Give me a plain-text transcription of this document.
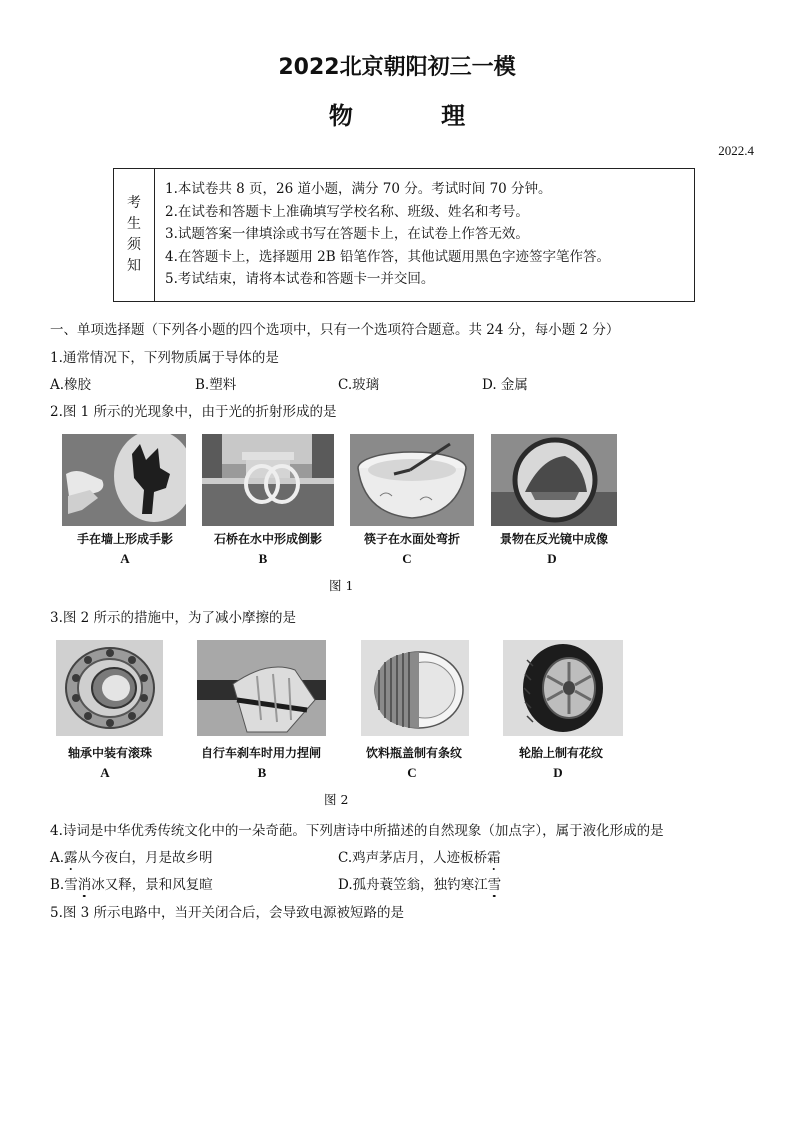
2022北京朝阳初三一模
物 理
2022.4
考
生
须
知
1.本试卷共 8 页，26 道小题，满分 70 分。考试时间 70 分钟。
2.在试卷和答题卡上准确填写学校名称、班级、姓名和考号。
3.试题答案一律填涂或书写在答题卡上，在试卷上作答无效。
4.在答题卡上，选择题用 2B 铅笔作答，其他试题用黑色字迹签字笔作答。
5.考试结束，请将本试卷和答题卡一并交回。
一、单项选择题（下列各小题的四个选项中，只有一个选项符合题意。共 24 分，每小题 2 分）
1.通常情况下，下列物质属于导体的是
A.橡胶	B.塑料	C.玻璃	D. 金属
2.图 1 所示的光现象中，由于光的折射形成的是
手在墙上形成手影	石桥在水中形成倒影	筷子在水面处弯折	景物在反光镜中成像
A	B	C	D
图 1
3.图 2 所示的措施中，为了减小摩擦的是
轴承中装有滚珠	自行车刹车时用力捏闸	饮料瓶盖制有条纹	轮胎上制有花纹
A	B	C	D
图 2
4.诗词是中华优秀传统文化中的一朵奇葩。下列唐诗中所描述的自然现象（加点字），属于液化形成的是
A.露从今夜白，月是故乡明	C.鸡声茅店月，人迹板桥霜
B.雪消冰又释，景和风复暄	D.孤舟蓑笠翁，独钓寒江雪
5.图 3 所示电路中，当开关闭合后，会导致电源被短路的是
